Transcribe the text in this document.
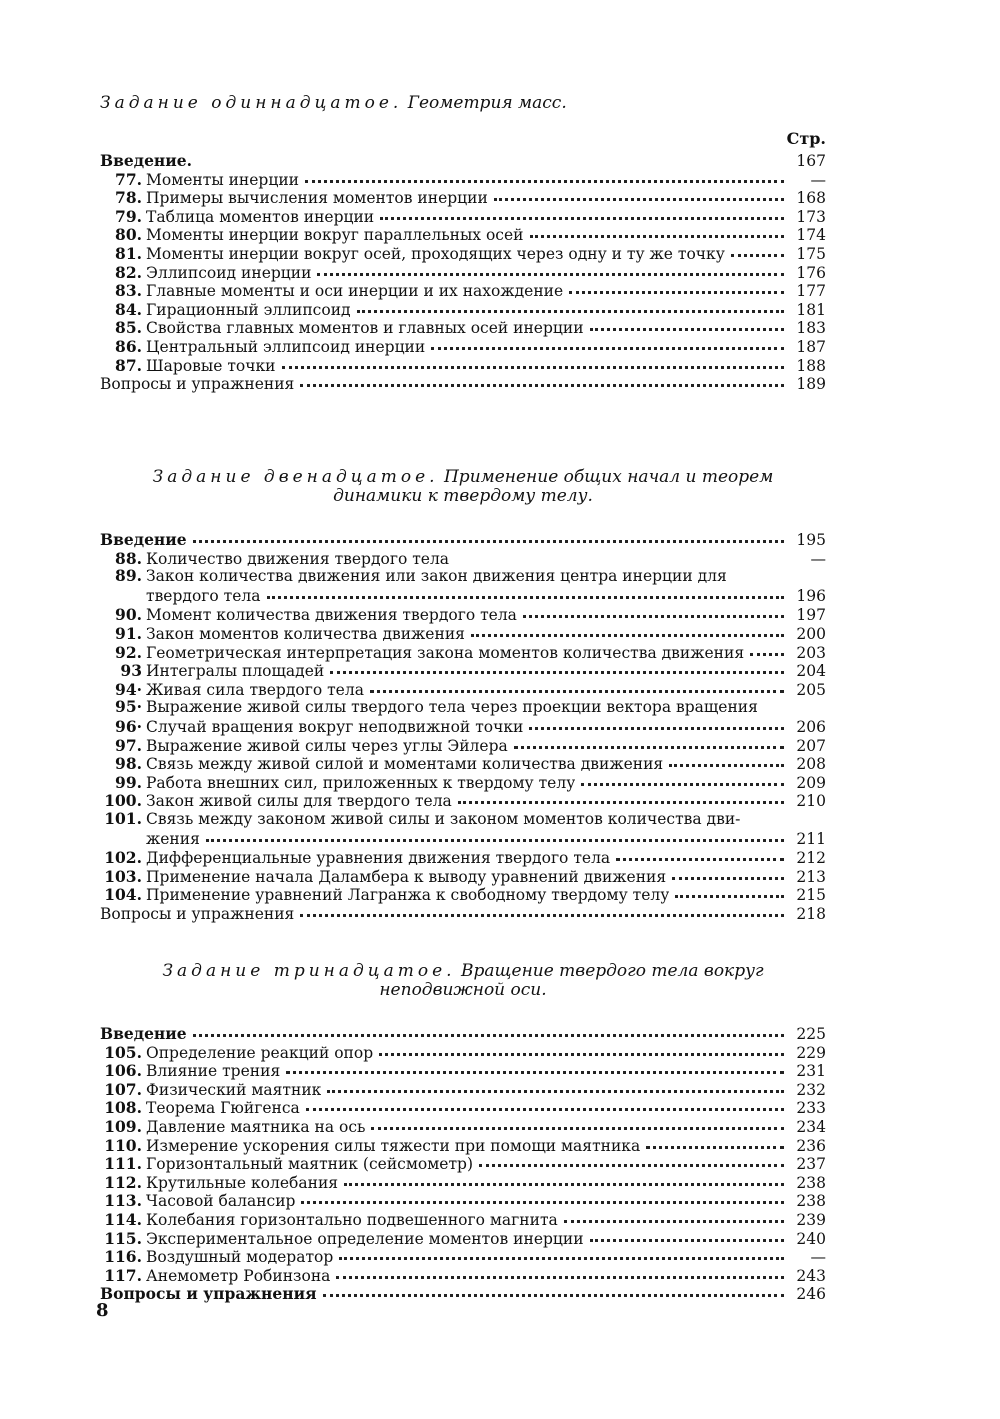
Задание одиннадцатое. Геометрия масс.

Стр.
Введение.	167
77. Моменты инерции	—
78. Примеры вычисления моментов инерции	168
79. Таблица моментов инерции	173
80. Моменты инерции вокруг параллельных осей	174
81. Моменты инерции вокруг осей, проходящих через одну и ту же точку	175
82. Эллипсоид инерции	176
83. Главные моменты и оси инерции и их нахождение	177
84. Гирационный эллипсоид	181
85. Свойства главных моментов и главных осей инерции	183
86. Центральный эллипсоид инерции	187
87. Шаровые точки	188
Вопросы и упражнения	189

Задание двенадцатое. Применение общих начал и теорем динамики к твердому телу.

Введение	195
88. Количество движения твердого тела	—
89. Закон количества движения или закон движения центра инерции для
твердого тела	196
90. Момент количества движения твердого тела	197
91. Закон моментов количества движения	200
92. Геометрическая интерпретация закона моментов количества движения	203
93 Интегралы площадей	204
94· Живая сила твердого тела	205
95· Выражение живой силы твердого тела через проекции вектора вращения
96· Случай вращения вокруг неподвижной точки	206
97. Выражение живой силы через углы Эйлера	207
98. Связь между живой силой и моментами количества движения	208
99. Работа внешних сил, приложенных к твердому телу	209
100. Закон живой силы для твердого тела	210
101. Связь между законом живой силы и законом моментов количества дви-
жения	211
102. Дифференциальные уравнения движения твердого тела	212
103. Применение начала Даламбера к выводу уравнений движения	213
104. Применение уравнений Лагранжа к свободному твердому телу	215
Вопросы и упражнения	218

Задание тринадцатое. Вращение твердого тела вокруг неподвижной оси.

Введение	225
105. Определение реакций опор	229
106. Влияние трения	231
107. Физический маятник	232
108. Теорема Гюйгенса	233
109. Давление маятника на ось	234
110. Измерение ускорения силы тяжести при помощи маятника	236
111. Горизонтальный маятник (сейсмометр)	237
112. Крутильные колебания	238
113. Часовой балансир	238
114. Колебания горизонтально подвешенного магнита	239
115. Экспериментальное определение моментов инерции	240
116. Воздушный модератор	—
117. Анемометр Робинзона	243
Вопросы и упражнения	246
8
